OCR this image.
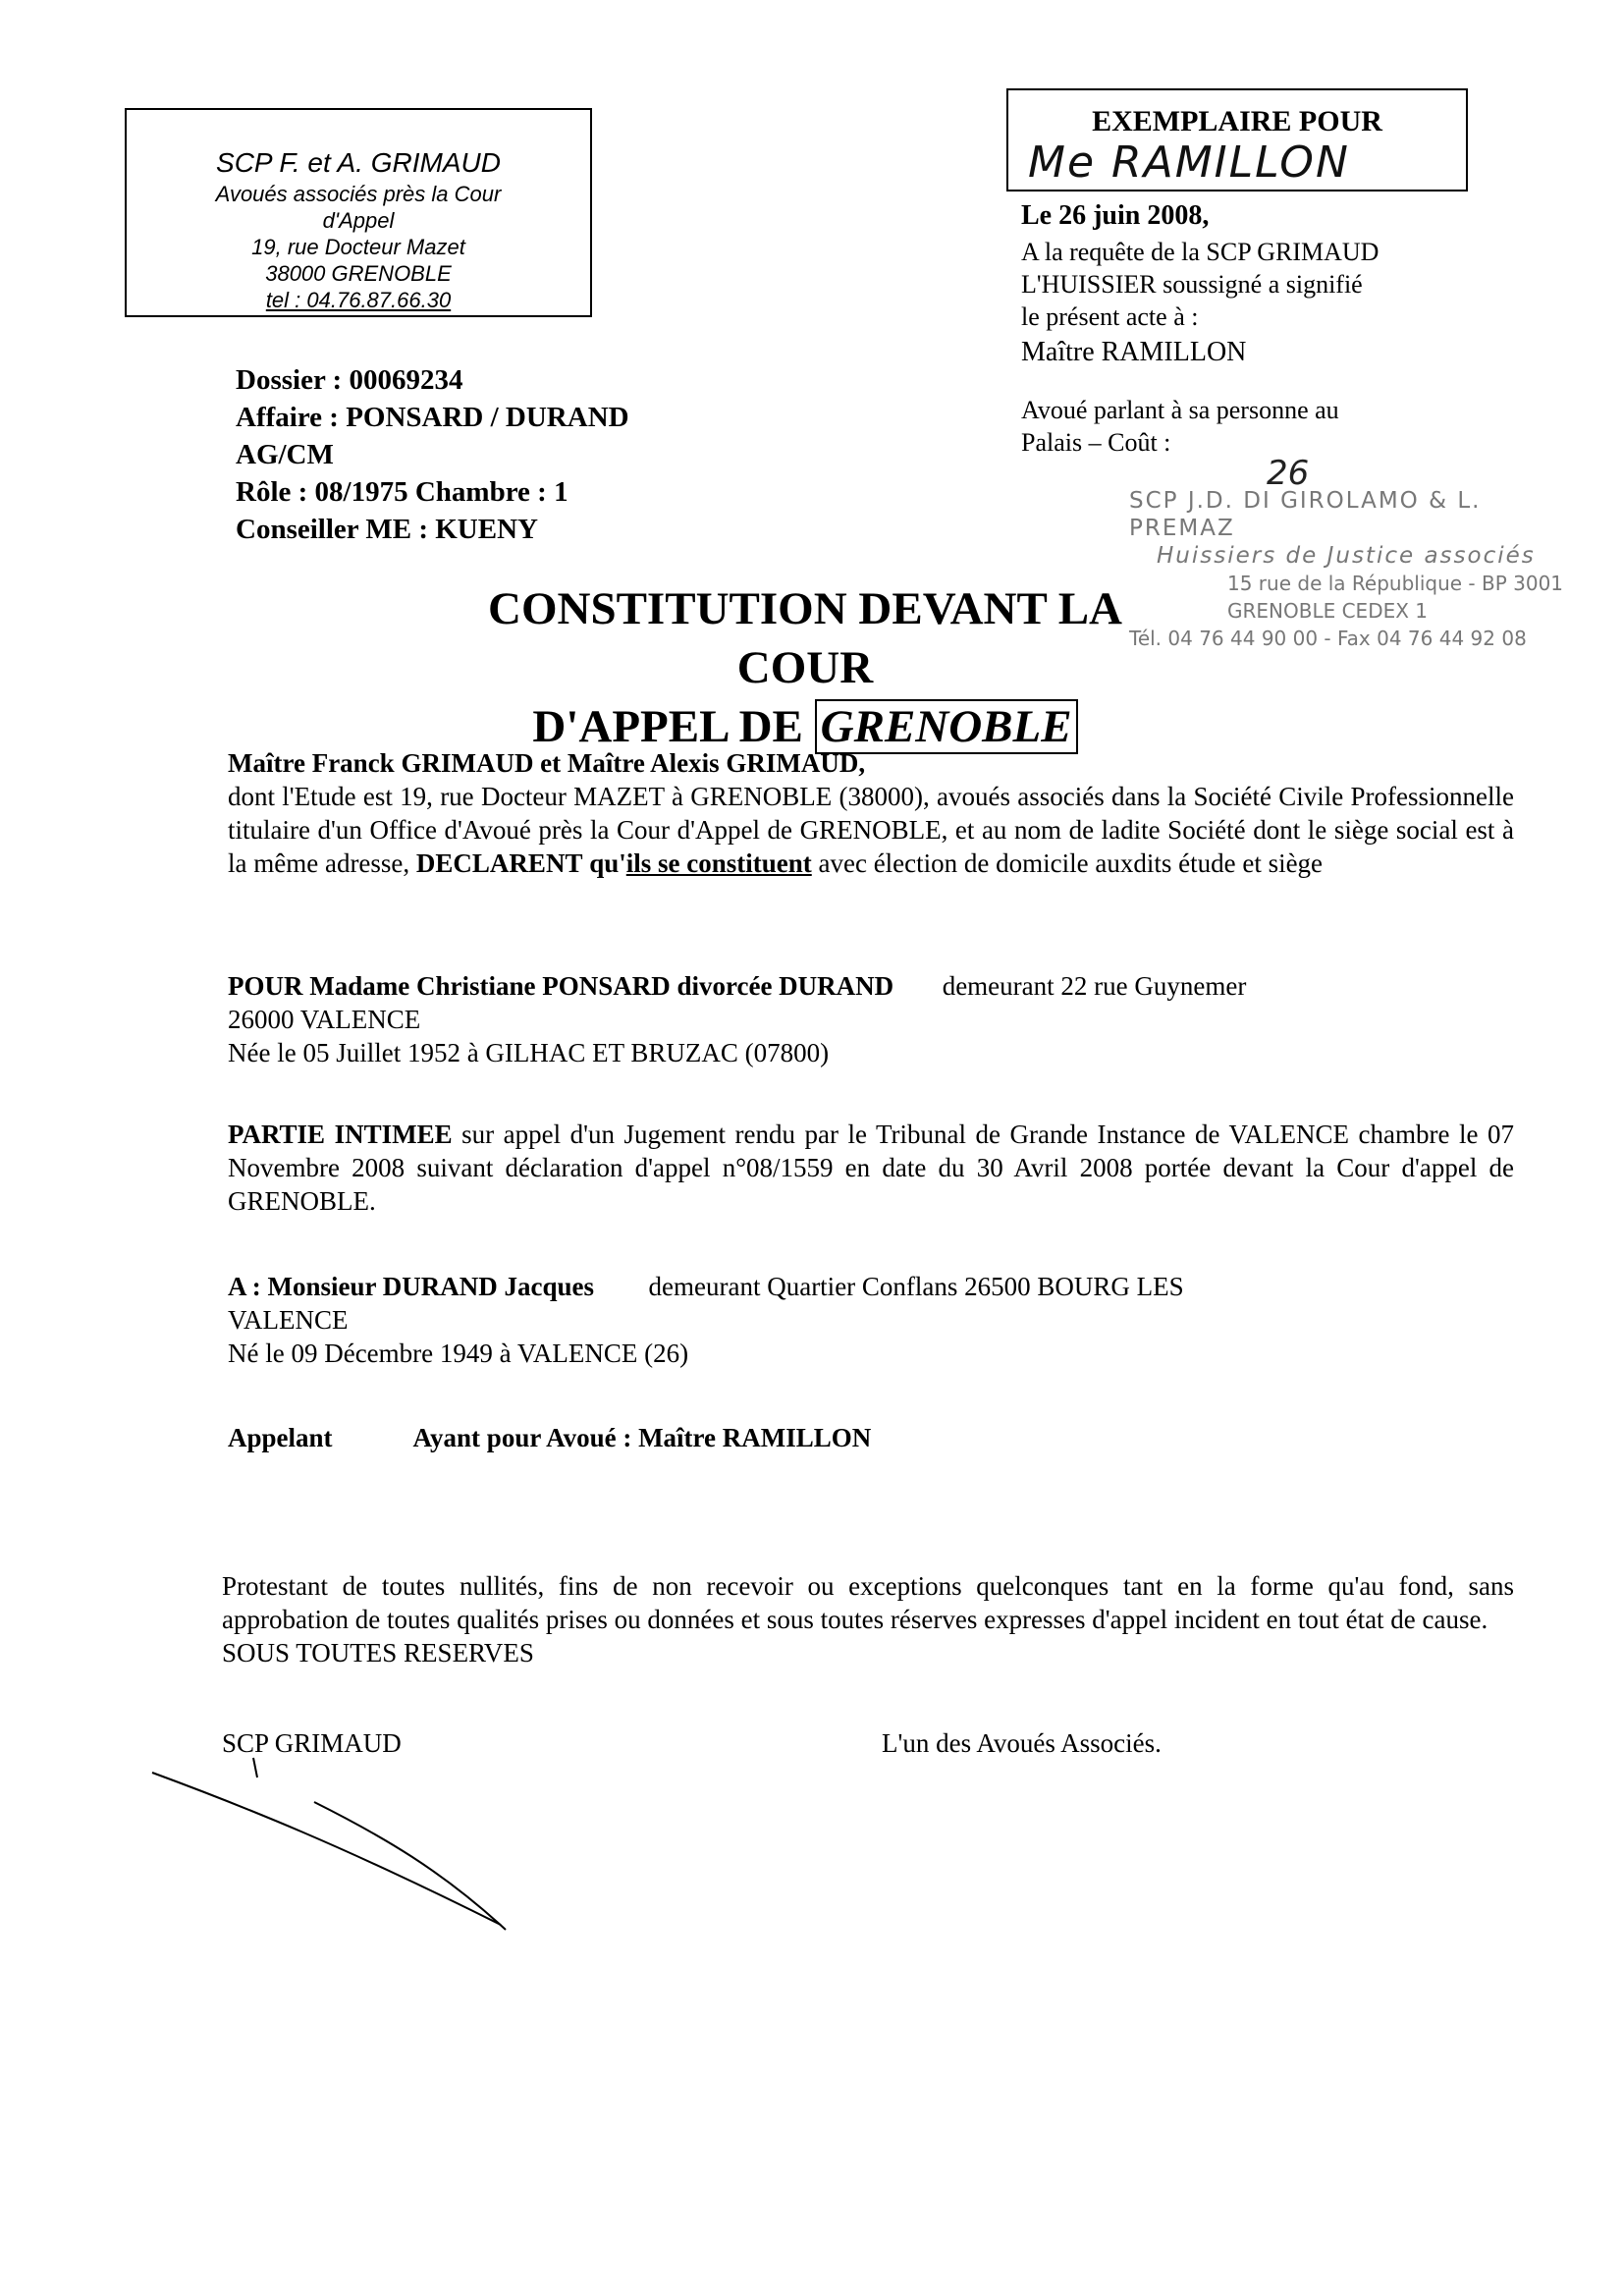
SCP F. et A. GRIMAUD
Avoués associés près la Cour
d'Appel
19, rue Docteur Mazet
38000 GRENOBLE
tel : 04.76.87.66.30
EXEMPLAIRE POUR
Me RAMILLON
Le 26 juin 2008,
A la requête de la SCP GRIMAUD
L'HUISSIER soussigné a signifié
le présent acte à :
Maître RAMILLON
Avoué parlant à sa personne au
Palais – Coût :
26
SCP J.D. DI GIROLAMO & L. PREMAZ
Huissiers de Justice associés
15 rue de la République - BP 3001
GRENOBLE CEDEX 1
Tél. 04 76 44 90 00 - Fax 04 76 44 92 08
Dossier : 00069234
Affaire : PONSARD / DURAND
AG/CM
Rôle : 08/1975 Chambre : 1
Conseiller ME : KUENY
CONSTITUTION DEVANT LA COUR
D'APPEL DE GRENOBLE
Maître Franck GRIMAUD et Maître Alexis GRIMAUD,
dont l'Etude est 19, rue Docteur MAZET à GRENOBLE (38000), avoués associés dans la Société Civile Professionnelle titulaire d'un Office d'Avoué près la Cour d'Appel de GRENOBLE, et au nom de ladite Société dont le siège social est à la même adresse, DECLARENT qu'ils se constituent avec élection de domicile auxdits étude et siège
POUR Madame Christiane PONSARD divorcée DURAND demeurant 22 rue Guynemer
26000 VALENCE
Née le 05 Juillet 1952 à GILHAC ET BRUZAC (07800)
PARTIE INTIMEE sur appel d'un Jugement rendu par le Tribunal de Grande Instance de VALENCE chambre le 07 Novembre 2008 suivant déclaration d'appel n°08/1559 en date du 30 Avril 2008 portée devant la Cour d'appel de GRENOBLE.
A : Monsieur DURAND Jacques demeurant Quartier Conflans 26500 BOURG LES
VALENCE
Né le 09 Décembre 1949 à VALENCE (26)
Appelant	Ayant pour Avoué : Maître RAMILLON
Protestant de toutes nullités, fins de non recevoir ou exceptions quelconques tant en la forme qu'au fond, sans approbation de toutes qualités prises ou données et sous toutes réserves expresses d'appel incident en tout état de cause.
SOUS TOUTES RESERVES
SCP GRIMAUD	L'un des Avoués Associés.
